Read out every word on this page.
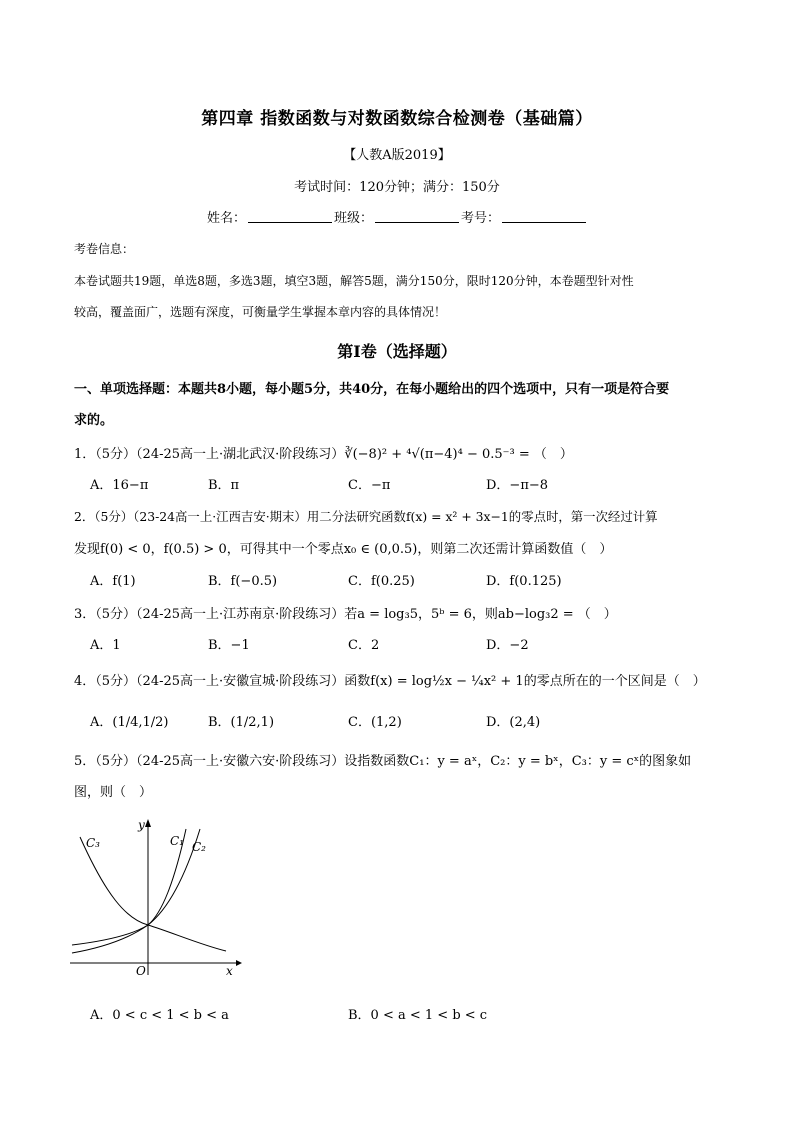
第四章 指数函数与对数函数综合检测卷（基础篇）
【人教A版2019】
考试时间：120分钟；满分：150分
姓名：	班级：	考号：
考卷信息：
本卷试题共19题，单选8题，多选3题，填空3题，解答5题，满分150分，限时120分钟，本卷题型针对性
较高，覆盖面广，选题有深度，可衡量学生掌握本章内容的具体情况！
第Ⅰ卷（选择题）
一、单项选择题：本题共8小题，每小题5分，共40分，在每小题给出的四个选项中，只有一项是符合要
求的。
1．（5分）（24-25高一上·湖北武汉·阶段练习）∛(−8)² + ⁴√(π−4)⁴ − 0.5⁻³ = （　）
A．16−π	B．π	C．−π	D．−π−8
2．（5分）（23-24高一上·江西吉安·期末）用二分法研究函数f(x) = x² + 3x−1的零点时，第一次经过计算
发现f(0) < 0，f(0.5) > 0，可得其中一个零点x₀ ∈ (0,0.5)，则第二次还需计算函数值（　）
A．f(1)	B．f(−0.5)	C．f(0.25)	D．f(0.125)
3．（5分）（24-25高一上·江苏南京·阶段练习）若a = log₃5，5ᵇ = 6，则ab−log₃2 = （　）
A．1	B．−1	C．2	D．−2
4．（5分）（24-25高一上·安徽宣城·阶段练习）函数f(x) = log½x − ¼x² + 1的零点所在的一个区间是（　）
A．(1/4,1/2)	B．(1/2,1)	C．(1,2)	D．(2,4)
5．（5分）（24-25高一上·安徽六安·阶段练习）设指数函数C₁：y = aˣ，C₂：y = bˣ，C₃：y = cˣ的图象如
图，则（　）
C₃	C₁ C₂
y
x
O
A．0 < c < 1 < b < a	B．0 < a < 1 < b < c
